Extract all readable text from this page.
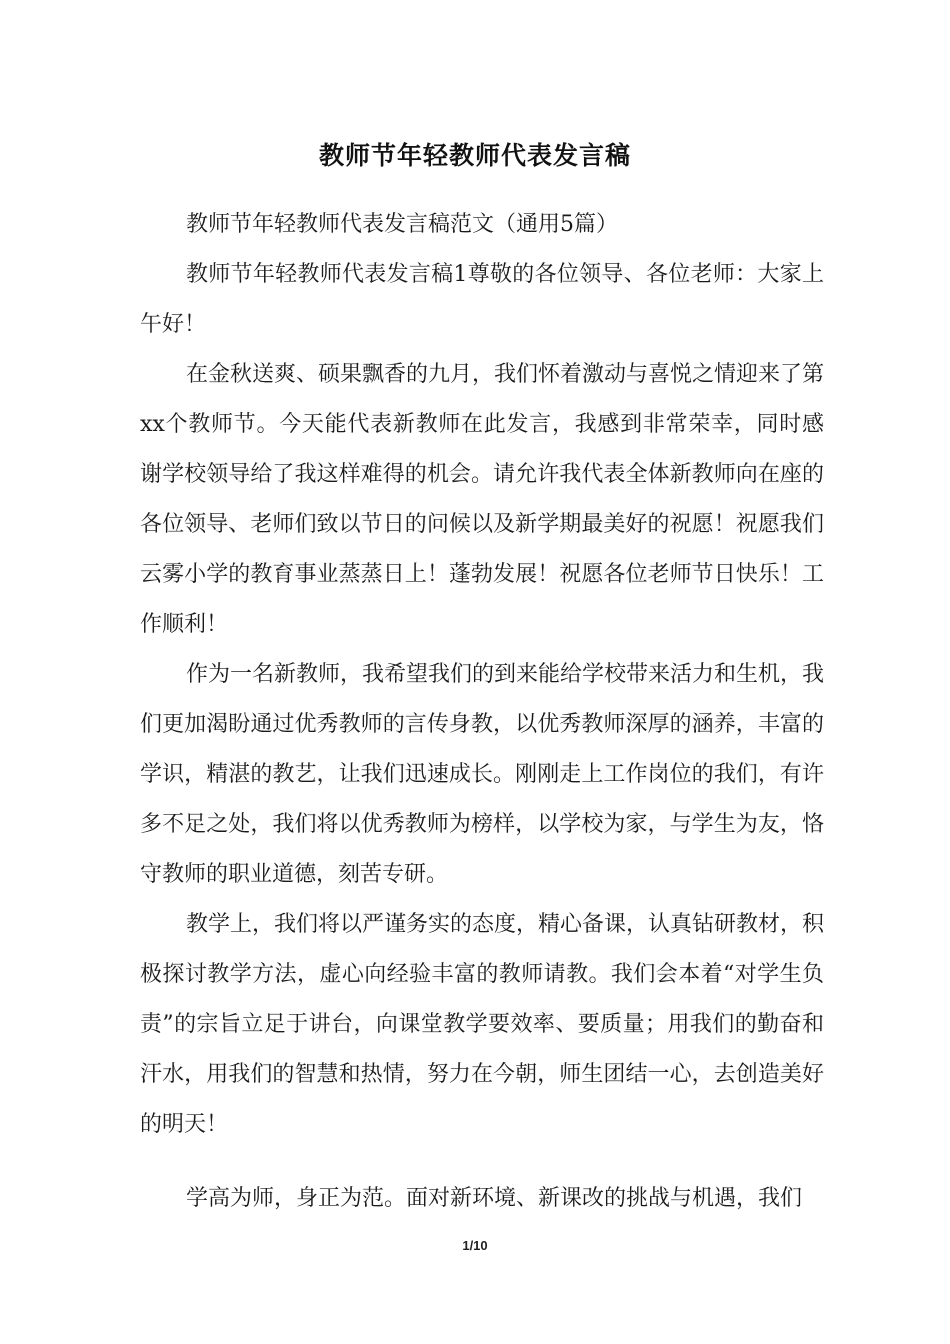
教师节年轻教师代表发言稿

教师节年轻教师代表发言稿范文（通用5篇）

教师节年轻教师代表发言稿1尊敬的各位领导、各位老师：大家上午好！

在金秋送爽、硕果飘香的九月，我们怀着激动与喜悦之情迎来了第xx个教师节。今天能代表新教师在此发言，我感到非常荣幸，同时感谢学校领导给了我这样难得的机会。请允许我代表全体新教师向在座的各位领导、老师们致以节日的问候以及新学期最美好的祝愿！祝愿我们云雾小学的教育事业蒸蒸日上！蓬勃发展！祝愿各位老师节日快乐！工作顺利！

作为一名新教师，我希望我们的到来能给学校带来活力和生机，我们更加渴盼通过优秀教师的言传身教，以优秀教师深厚的涵养，丰富的学识，精湛的教艺，让我们迅速成长。刚刚走上工作岗位的我们，有许多不足之处，我们将以优秀教师为榜样，以学校为家，与学生为友，恪守教师的职业道德，刻苦专研。

教学上，我们将以严谨务实的态度，精心备课，认真钻研教材，积极探讨教学方法，虚心向经验丰富的教师请教。我们会本着“对学生负责”的宗旨立足于讲台，向课堂教学要效率、要质量；用我们的勤奋和汗水，用我们的智慧和热情，努力在今朝，师生团结一心，去创造美好的明天！

学高为师，身正为范。面对新环境、新课改的挑战与机遇，我们

1/10
